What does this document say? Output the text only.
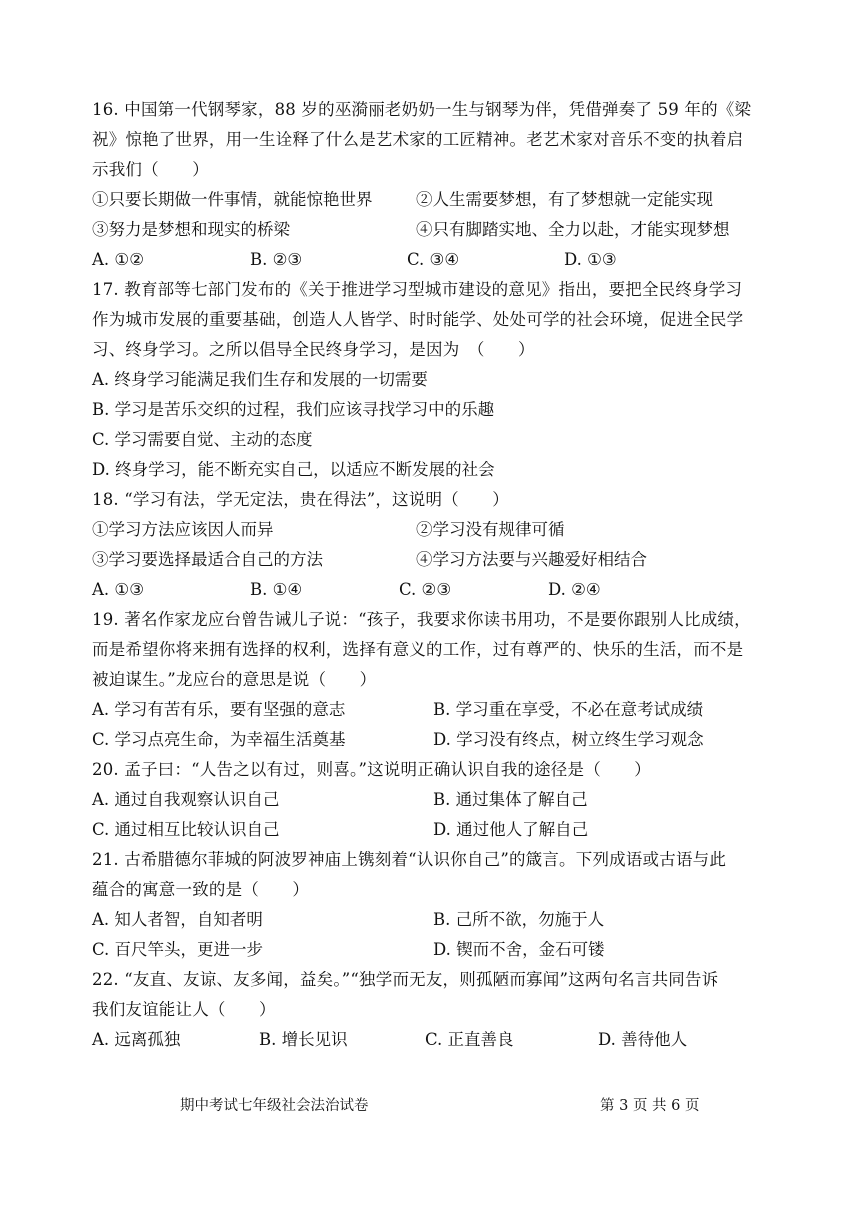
16. 中国第一代钢琴家，88 岁的巫漪丽老奶奶一生与钢琴为伴，凭借弹奏了 59 年的《梁
祝》惊艳了世界，用一生诠释了什么是艺术家的工匠精神。老艺术家对音乐不变的执着启
示我们（　　）
①只要长期做一件事情，就能惊艳世界	②人生需要梦想，有了梦想就一定能实现
③努力是梦想和现实的桥梁	④只有脚踏实地、全力以赴，才能实现梦想
A. ①②	B. ②③	C. ③④	D. ①③
17. 教育部等七部门发布的《关于推进学习型城市建设的意见》指出，要把全民终身学习
作为城市发展的重要基础，创造人人皆学、时时能学、处处可学的社会环境，促进全民学
习、终身学习。之所以倡导全民终身学习，是因为　（　　）
A. 终身学习能满足我们生存和发展的一切需要
B. 学习是苦乐交织的过程，我们应该寻找学习中的乐趣
C. 学习需要自觉、主动的态度
D. 终身学习，能不断充实自己，以适应不断发展的社会
18. “学习有法，学无定法，贵在得法”，这说明（　　）
①学习方法应该因人而异	②学习没有规律可循
③学习要选择最适合自己的方法	④学习方法要与兴趣爱好相结合
A. ①③	B. ①④	C. ②③	D. ②④
19. 著名作家龙应台曾告诫儿子说：“孩子，我要求你读书用功，不是要你跟别人比成绩，
而是希望你将来拥有选择的权利，选择有意义的工作，过有尊严的、快乐的生活，而不是
被迫谋生。”龙应台的意思是说（　　）
A. 学习有苦有乐，要有坚强的意志	B. 学习重在享受，不必在意考试成绩
C. 学习点亮生命，为幸福生活奠基	D. 学习没有终点，树立终生学习观念
20. 孟子曰：“人告之以有过，则喜。”这说明正确认识自我的途径是（　　）
A. 通过自我观察认识自己	B. 通过集体了解自己
C. 通过相互比较认识自己	D. 通过他人了解自己
21. 古希腊德尔菲城的阿波罗神庙上镌刻着“认识你自己”的箴言。下列成语或古语与此
蕴合的寓意一致的是（　　）
A. 知人者智，自知者明	B. 己所不欲，勿施于人
C. 百尺竿头，更进一步	D. 锲而不舍，金石可镂
22. “友直、友谅、友多闻，益矣。”“独学而无友，则孤陋而寡闻”这两句名言共同告诉
我们友谊能让人（　　）
A. 远离孤独	B. 增长见识	C. 正直善良	D. 善待他人
期中考试七年级社会法治试卷	第 3 页 共 6 页
